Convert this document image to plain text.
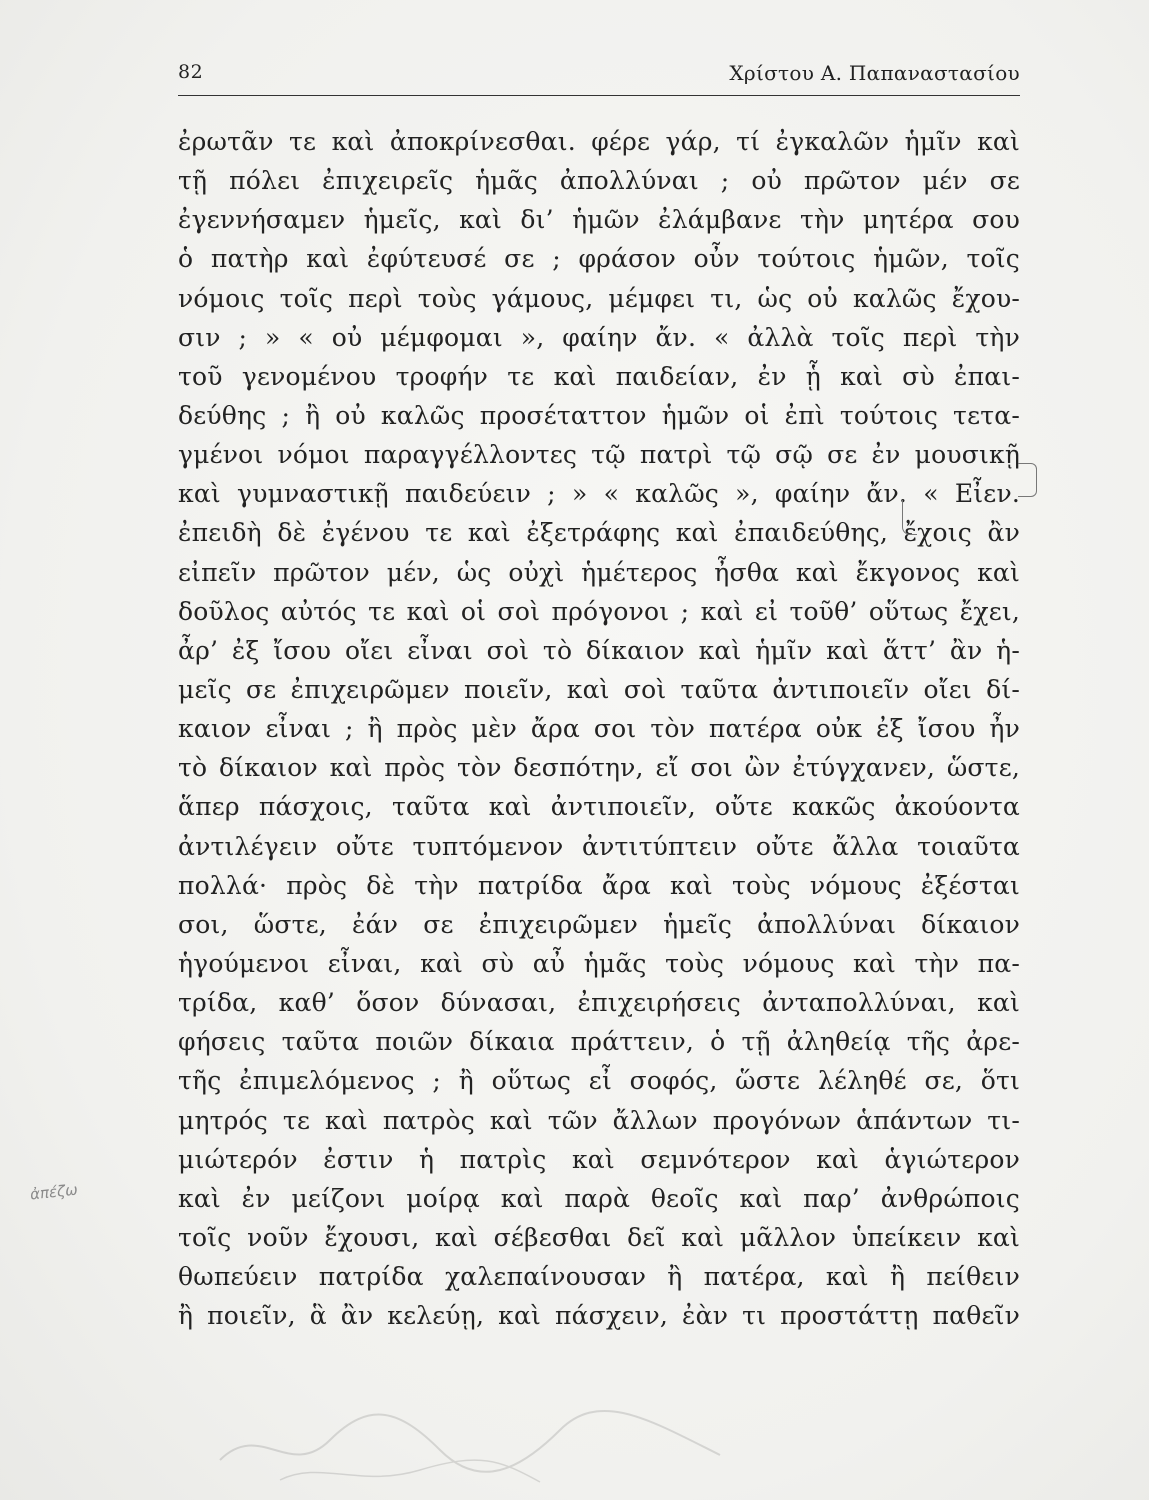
82	Χρίστου Α. Παπαναστασίου
ἐρωτᾶν τε καὶ ἀποκρίνεσθαι. φέρε γάρ, τί ἐγκαλῶν ἡμῖν καὶ
τῇ πόλει ἐπιχειρεῖς ἡμᾶς ἀπολλύναι ; οὐ πρῶτον μέν σε
ἐγεννήσαμεν ἡμεῖς, καὶ δι’ ἡμῶν ἐλάμβανε τὴν μητέρα σου
ὁ πατὴρ καὶ ἐφύτευσέ σε ; φράσον οὖν τούτοις ἡμῶν, τοῖς
νόμοις τοῖς περὶ τοὺς γάμους, μέμφει τι, ὡς οὐ καλῶς ἔχου-
σιν ; » « οὐ μέμφομαι », φαίην ἄν. « ἀλλὰ τοῖς περὶ τὴν
τοῦ γενομένου τροφήν τε καὶ παιδείαν, ἐν ᾗ καὶ σὺ ἐπαι-
δεύθης ; ἢ οὐ καλῶς προσέταττον ἡμῶν οἱ ἐπὶ τούτοις τετα-
γμένοι νόμοι παραγγέλλοντες τῷ πατρὶ τῷ σῷ σε ἐν μουσικῇ
καὶ γυμναστικῇ παιδεύειν ; » « καλῶς », φαίην ἄν. « Εἶεν.
ἐπειδὴ δὲ ἐγένου τε καὶ ἐξετράφης καὶ ἐπαιδεύθης, ἔχοις ἂν
εἰπεῖν πρῶτον μέν, ὡς οὐχὶ ἡμέτερος ἦσθα καὶ ἔκγονος καὶ
δοῦλος αὐτός τε καὶ οἱ σοὶ πρόγονοι ; καὶ εἰ τοῦθ’ οὕτως ἔχει,
ἆρ’ ἐξ ἴσου οἴει εἶναι σοὶ τὸ δίκαιον καὶ ἡμῖν καὶ ἅττ’ ἂν ἡ-
μεῖς σε ἐπιχειρῶμεν ποιεῖν, καὶ σοὶ ταῦτα ἀντιποιεῖν οἴει δί-
καιον εἶναι ; ἢ πρὸς μὲν ἄρα σοι τὸν πατέρα οὐκ ἐξ ἴσου ἦν
τὸ δίκαιον καὶ πρὸς τὸν δεσπότην, εἴ σοι ὢν ἐτύγχανεν, ὥστε,
ἅπερ πάσχοις, ταῦτα καὶ ἀντιποιεῖν, οὔτε κακῶς ἀκούοντα
ἀντιλέγειν οὔτε τυπτόμενον ἀντιτύπτειν οὔτε ἄλλα τοιαῦτα
πολλά· πρὸς δὲ τὴν πατρίδα ἄρα καὶ τοὺς νόμους ἐξέσται
σοι, ὥστε, ἐάν σε ἐπιχειρῶμεν ἡμεῖς ἀπολλύναι δίκαιον
ἡγούμενοι εἶναι, καὶ σὺ αὖ ἡμᾶς τοὺς νόμους καὶ τὴν πα-
τρίδα, καθ’ ὅσον δύνασαι, ἐπιχειρήσεις ἀνταπολλύναι, καὶ
φήσεις ταῦτα ποιῶν δίκαια πράττειν, ὁ τῇ ἀληθείᾳ τῆς ἀρε-
τῆς ἐπιμελόμενος ; ἢ οὕτως εἶ σοφός, ὥστε λέληθέ σε, ὅτι
μητρός τε καὶ πατρὸς καὶ τῶν ἄλλων προγόνων ἁπάντων τι-
μιώτερόν ἐστιν ἡ πατρὶς καὶ σεμνότερον καὶ ἁγιώτερον
καὶ ἐν μείζονι μοίρᾳ καὶ παρὰ θεοῖς καὶ παρ’ ἀνθρώποις
τοῖς νοῦν ἔχουσι, καὶ σέβεσθαι δεῖ καὶ μᾶλλον ὑπείκειν καὶ
θωπεύειν πατρίδα χαλεπαίνουσαν ἢ πατέρα, καὶ ἢ πείθειν
ἢ ποιεῖν, ἃ ἂν κελεύῃ, καὶ πάσχειν, ἐὰν τι προστάττῃ παθεῖν
ἀπέζω
